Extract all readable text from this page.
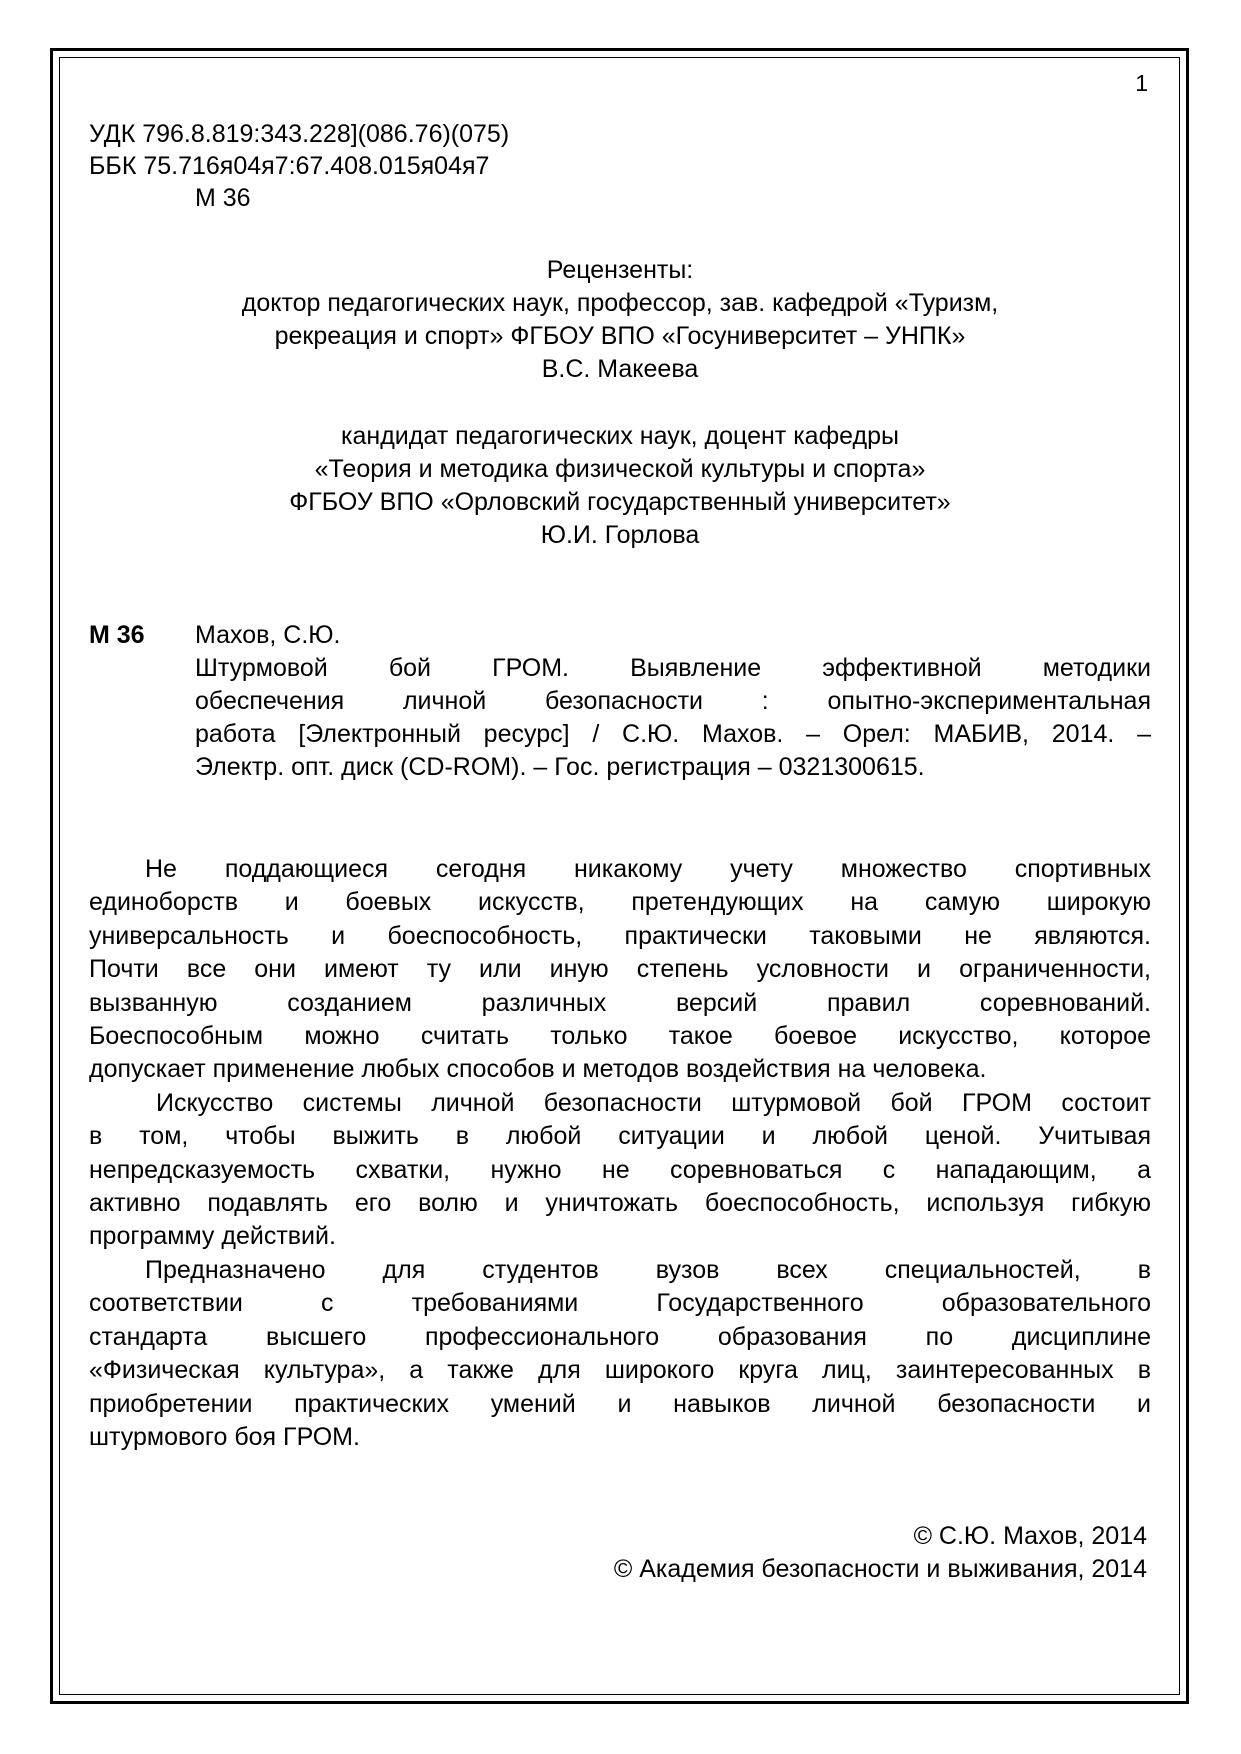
1
УДК 796.8.819:343.228](086.76)(075)
ББК 75.716я04я7:67.408.015я04я7
М 36
Рецензенты:
доктор педагогических наук, профессор, зав. кафедрой «Туризм,
рекреация и спорт» ФГБОУ ВПО «Госуниверситет – УНПК»
В.С. Макеева
кандидат педагогических наук, доцент кафедры
«Теория и методика физической культуры и спорта»
ФГБОУ ВПО «Орловский государственный университет»
Ю.И. Горлова
М 36 Махов, С.Ю.
Штурмовой бой ГРОМ. Выявление эффективной методики
обеспечения личной безопасности : опытно-экспериментальная
работа [Электронный ресурс] / С.Ю. Махов. – Орел: МАБИВ, 2014. –
Электр. опт. диск (CD-ROM). – Гос. регистрация – 0321300615.
Не поддающиеся сегодня никакому учету множество спортивных
единоборств и боевых искусств, претендующих на самую широкую
универсальность и боеспособность, практически таковыми не являются.
Почти все они имеют ту или иную степень условности и ограниченности,
вызванную созданием различных версий правил соревнований.
Боеспособным можно считать только такое боевое искусство, которое
допускает применение любых способов и методов воздействия на человека.
Искусство системы личной безопасности штурмовой бой ГРОМ состоит
в том, чтобы выжить в любой ситуации и любой ценой. Учитывая
непредсказуемость схватки, нужно не соревноваться с нападающим, а
активно подавлять его волю и уничтожать боеспособность, используя гибкую
программу действий.
Предназначено для студентов вузов всех специальностей, в
соответствии с требованиями Государственного образовательного
стандарта высшего профессионального образования по дисциплине
«Физическая культура», а также для широкого круга лиц, заинтересованных в
приобретении практических умений и навыков личной безопасности и
штурмового боя ГРОМ.
© С.Ю. Махов, 2014
© Академия безопасности и выживания, 2014
